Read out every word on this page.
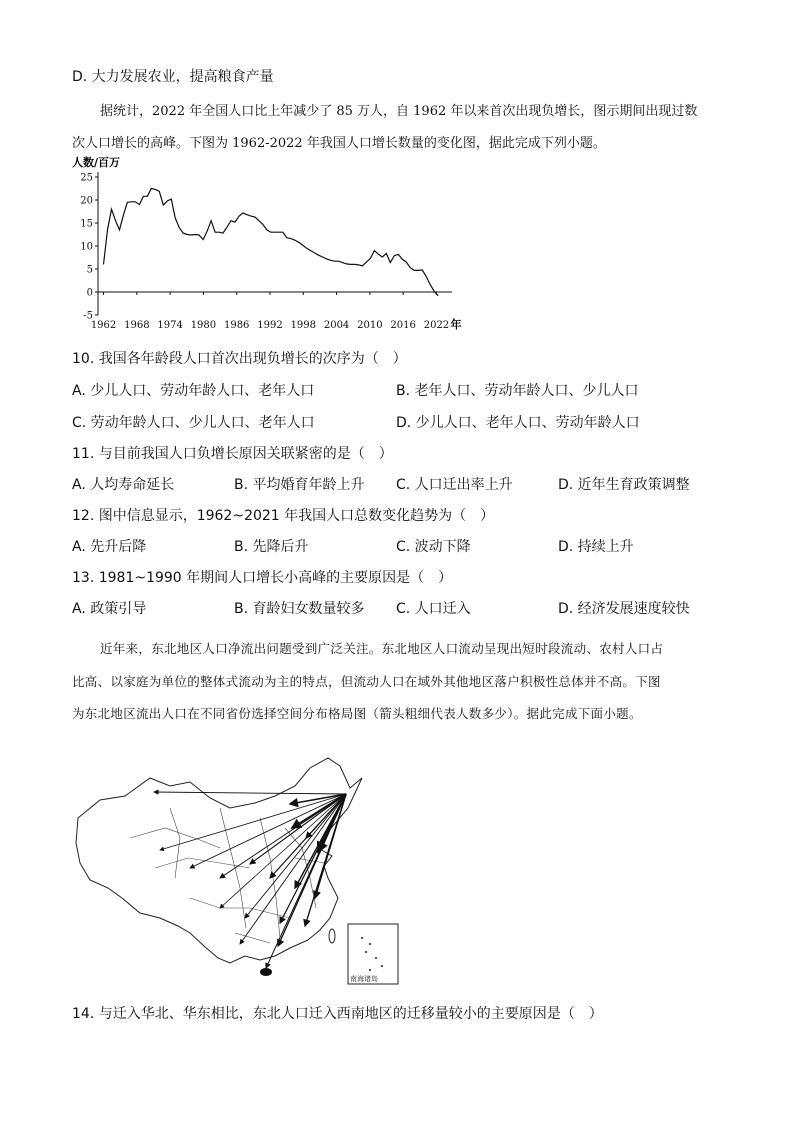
D. 大力发展农业，提高粮食产量
据统计，2022 年全国人口比上年减少了 85 万人，自 1962 年以来首次出现负增长，图示期间出现过数
次人口增长的高峰。下图为 1962-2022 年我国人口增长数量的变化图，据此完成下列小题。
人数/百万
25
20
15
10
5
0
-5
1962 1968 1974 1980 1986 1992 1998 2004 2010 2016 2022 年
10. 我国各年龄段人口首次出现负增长的次序为（　）
A. 少儿人口、劳动年龄人口、老年人口	B. 老年人口、劳动年龄人口、少儿人口
C. 劳动年龄人口、少儿人口、老年人口	D. 少儿人口、老年人口、劳动年龄人口
11. 与目前我国人口负增长原因关联紧密的是（　）
A. 人均寿命延长	B. 平均婚育年龄上升 C. 人口迁出率上升	D. 近年生育政策调整
12. 图中信息显示，1962~2021 年我国人口总数变化趋势为（　）
A. 先升后降	B. 先降后升	C. 波动下降	D. 持续上升
13. 1981~1990 年期间人口增长小高峰的主要原因是（　）
A. 政策引导	B. 育龄妇女数量较多 C. 人口迁入	D. 经济发展速度较快
近年来，东北地区人口净流出问题受到广泛关注。东北地区人口流动呈现出短时段流动、农村人口占
比高、以家庭为单位的整体式流动为主的特点，但流动人口在域外其他地区落户积极性总体并不高。下图
为东北地区流出人口在不同省份选择空间分布格局图（箭头粗细代表人数多少）。据此完成下面小题。
南海诸岛
14. 与迁入华北、华东相比，东北人口迁入西南地区的迁移量较小的主要原因是（　）
